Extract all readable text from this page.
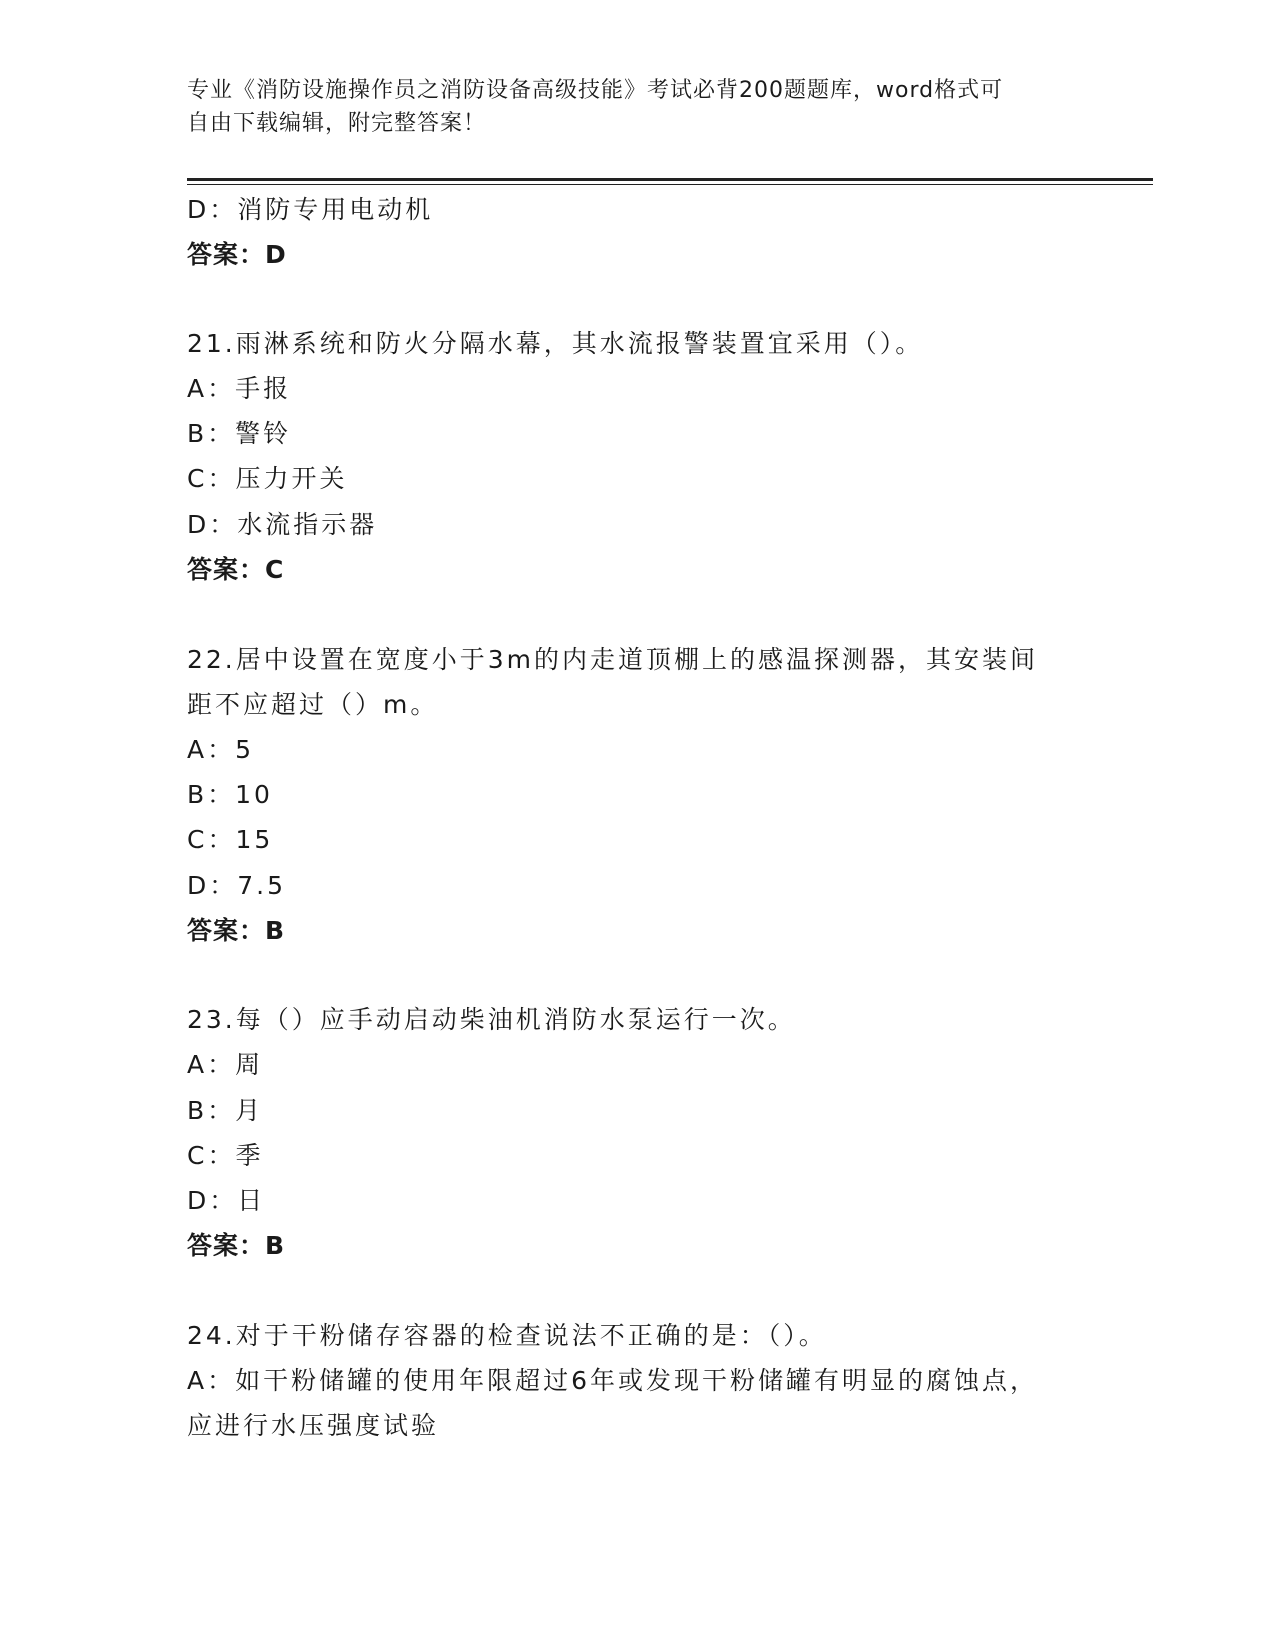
专业《消防设施操作员之消防设备高级技能》考试必背200题题库，word格式可
自由下载编辑，附完整答案！
D：消防专用电动机
答案：D
21.雨淋系统和防火分隔水幕，其水流报警装置宜采用（）。
A：手报
B：警铃
C：压力开关
D：水流指示器
答案：C
22.居中设置在宽度小于3m的内走道顶棚上的感温探测器，其安装间
距不应超过（）m。
A：5
B：10
C：15
D：7.5
答案：B
23.每（）应手动启动柴油机消防水泵运行一次。
A：周
B：月
C：季
D：日
答案：B
24.对于干粉储存容器的检查说法不正确的是：（）。
A：如干粉储罐的使用年限超过6年或发现干粉储罐有明显的腐蚀点，
应进行水压强度试验
